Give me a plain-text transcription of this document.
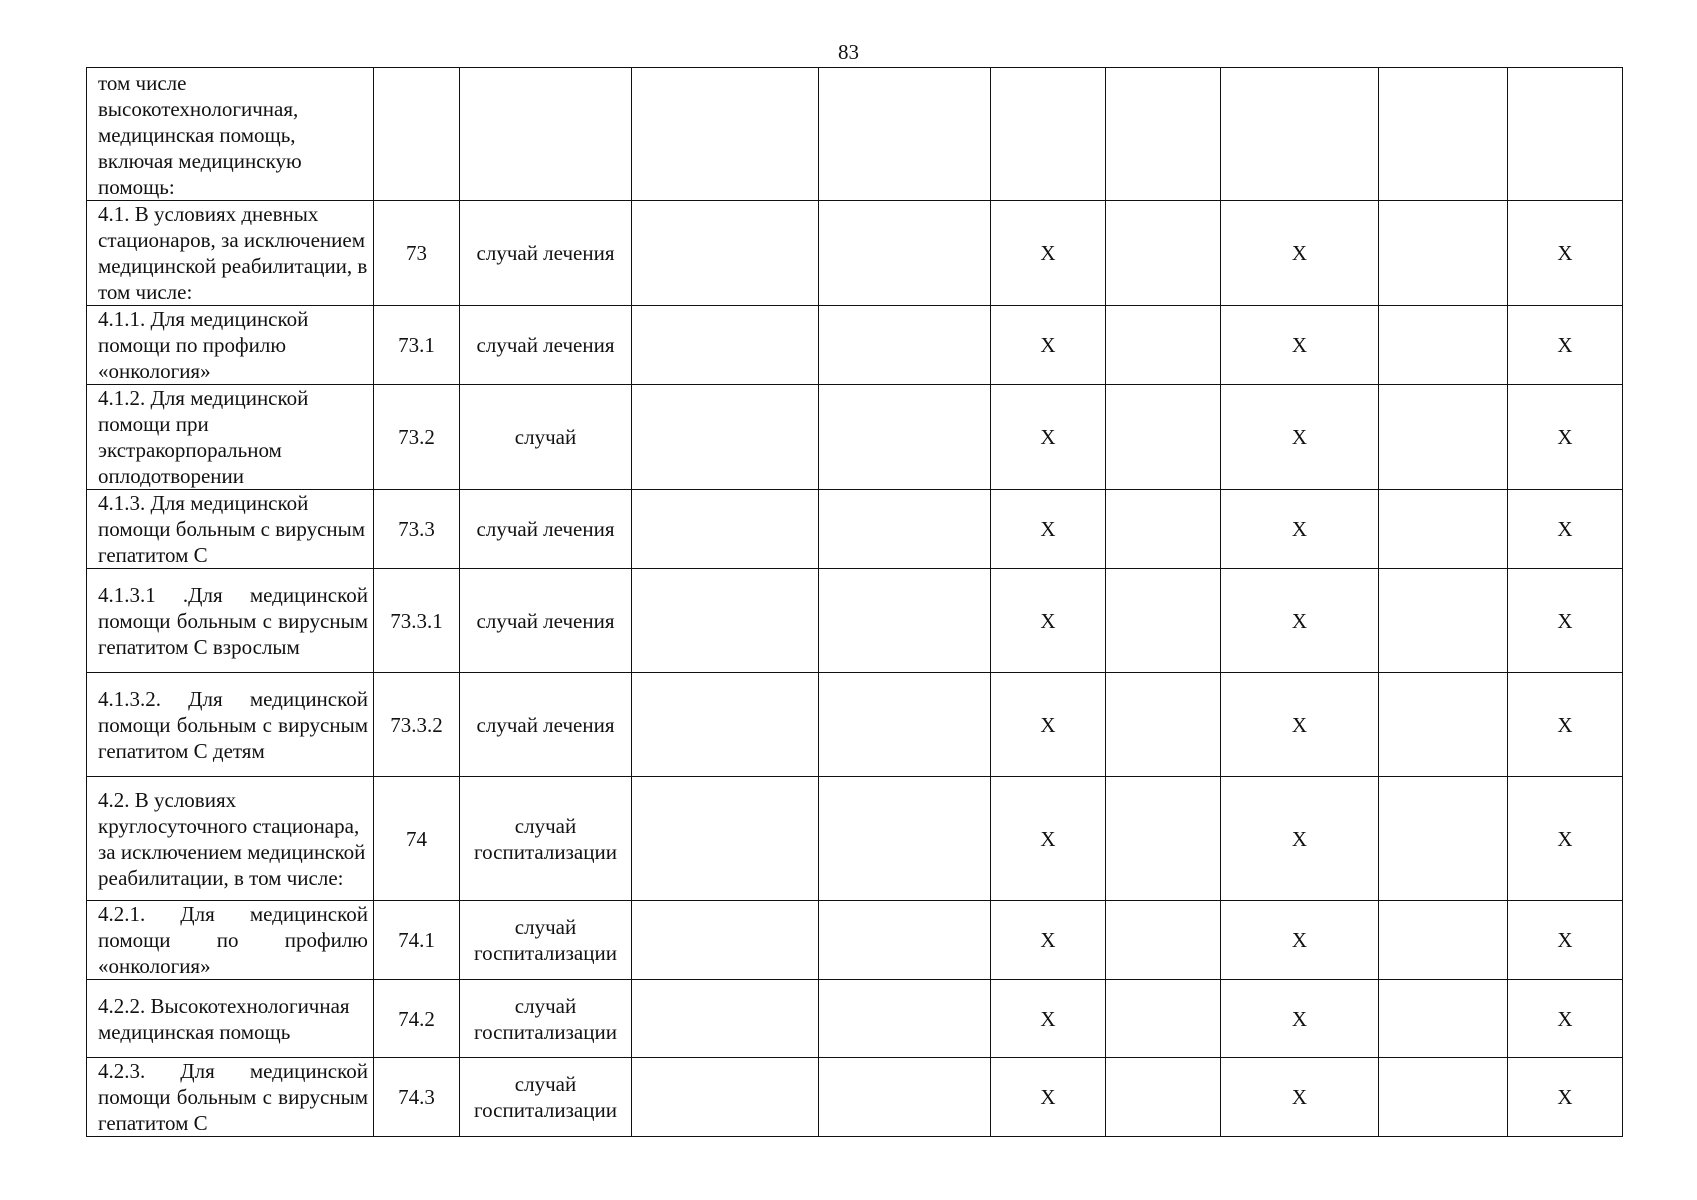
83
том числе высокотехнологичная, медицинская помощь, включая медицинскую помощь:									
4.1. В условиях дневных стационаров, за исключением медицинской реабилитации, в том числе:	73	случай лечения			X		X		X
4.1.1. Для медицинской помощи по профилю «онкология»	73.1	случай лечения			X		X		X
4.1.2. Для медицинской помощи при экстракорпоральном оплодотворении	73.2	случай			X		X		X
4.1.3. Для медицинской помощи больным с вирусным гепатитом С	73.3	случай лечения			X		X		X
4.1.3.1 .Для медицинской помощи больным с вирусным гепатитом С взрослым	73.3.1	случай лечения			X		X		X
4.1.3.2. Для медицинской помощи больным с вирусным гепатитом С детям	73.3.2	случай лечения			X		X		X
4.2. В условиях круглосуточного стационара, за исключением медицинской реабилитации, в том числе:	74	случай госпитализации			X		X		X
4.2.1. Для медицинской помощи по профилю «онкология»	74.1	случай госпитализации			X		X		X
4.2.2. Высокотехнологичная медицинская помощь	74.2	случай госпитализации			X		X		X
4.2.3. Для медицинской помощи больным с вирусным гепатитом С	74.3	случай госпитализации			X		X		X
